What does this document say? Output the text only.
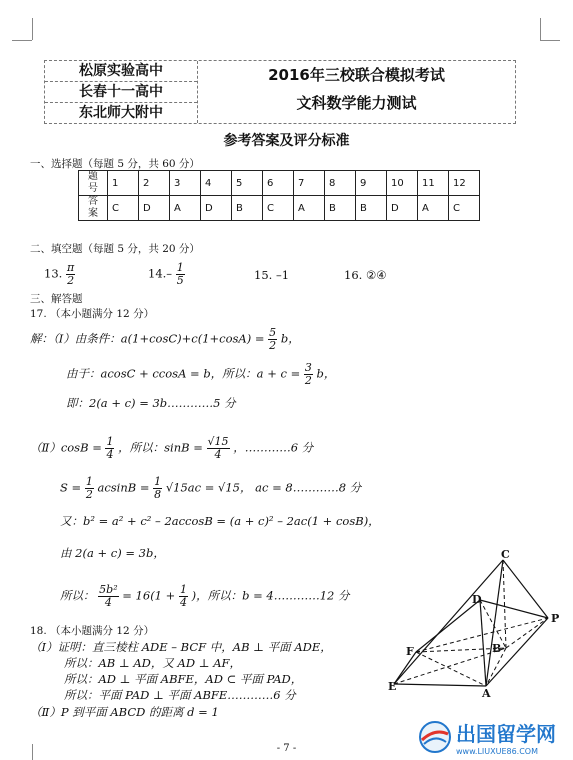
松原实验高中
长春十一高中
东北师大附中
2016年三校联合模拟考试
文科数学能力测试
参考答案及评分标准
一、选择题（每题 5 分，共 60 分）
题
号	1	2	3	4	5	6	7	8	9	10	11	12
答
案	C	D	A	D	B	C	A	B	B	D	A	C
二、填空题（每题 5 分，共 20 分）
13. $\frac{\pi}{2}$	$14.- \frac{1}{5}$	15. –1	16. ②④
三、解答题
17. （本小题满分 12 分）
解：（Ⅰ）由条件：$a(1+\cos C)+c(1+\cos A) = \frac{5}{2}$ b，
由于：acosC + ccosA = b，所以：$a + c = \frac{3}{2}$ b，
即：2(a + c) = 3b…………5 分
（Ⅱ）cosB = $\frac{1}{4}$ ，所以：$\sin B = \frac{√15}{4}$ ，…………6 分
$S = \frac{1}{2}$ $acsinB = \frac{1}{8} √15ac = √15$， ac = 8…………8 分
又：b² = a² + c² – 2accosB = (a + c)² – 2ac(1 + cosB)，
由 2(a + c) = 3b，
所以： $\frac{\text{5b²}}{4} = 16(1 + \frac{1}{4}$ )，所以：b = 4…………12 分
18. （本小题满分 12 分）
（Ⅰ）证明：直三棱柱 ADE – BCF 中，AB ⊥ 平面 ADE，
所以：AB ⊥ AD，又 AD ⊥ AF，
所以：AD ⊥ 平面 ABFE，AD ⊂ 平面 PAD，
所以：平面 PAD ⊥ 平面 ABFE…………6 分
（Ⅱ）P 到平面 ABCD 的距离 d = 1
C
D
P
F	B
E
A
出国留学网
www.LIUXUE86.COM
- 7 -
